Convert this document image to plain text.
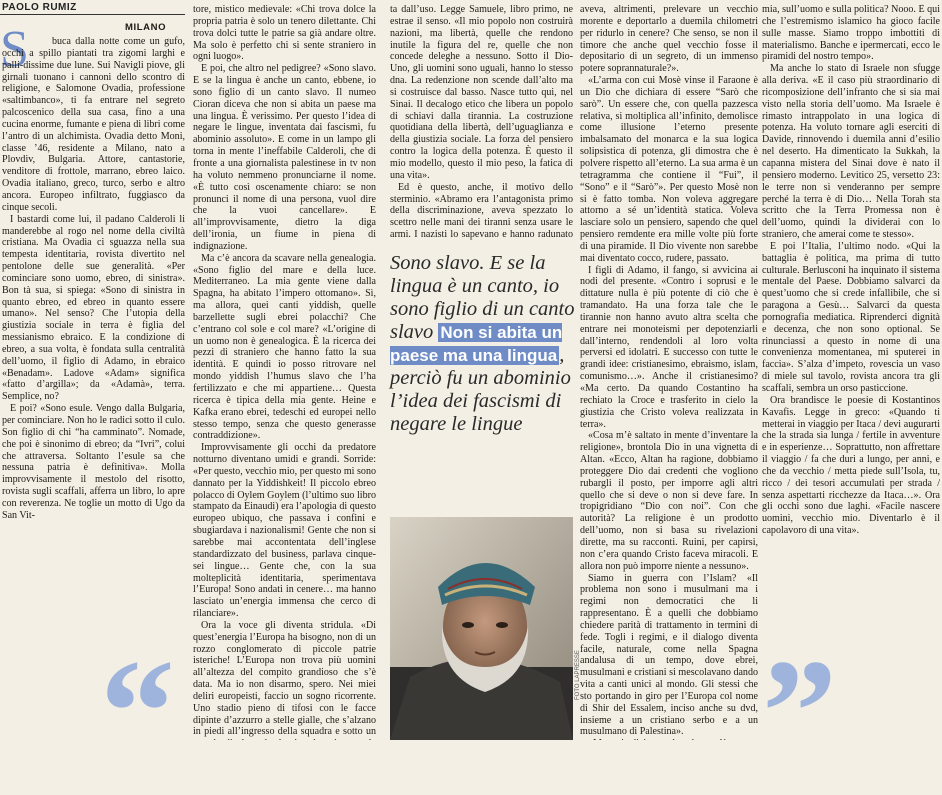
PAOLO RUMIZ
MILANO
S	buca dalla notte come un gufo, occhi a spillo piantati tra zigomi larghi e palli-dissime due lune. Sui Navigli piove, gli girnali tuonano i cannoni dello scontro di religione, e Salomone Ovadia, professione «saltimbanco», ti fa entrare nel segreto palcoscenico della sua casa, fino a una cucina enorme, fumante e piena di libri come l’antro di un alchimista. Ovadia detto Moni, classe ’46, residente a Milano, nato a Plovdiv, Bulgaria. Attore, cantastorie, venditore di frottole, marrano, ebreo laico. Ovadia italiano, greco, turco, serbo e altro ancora. Europeo infiltrato, fuggiasco da cinque secoli.

I bastardi come lui, il padano Calderoli li manderebbe al rogo nel nome della civiltà cristiana. Ma Ovadia ci sguazza nella sua tempesta identitaria, rovista divertito nel pentolone delle sue generalità. «Per cominciare sono uomo, ebreo, di sinistra». Bon tà sua, si spiega: «Sono di sinistra in quanto ebreo, ed ebreo in quanto essere umano». Nel senso? Che l’utopia della giustizia sociale in terra è figlia del messianismo ebraico. E la condizione di ebreo, a sua volta, è fondata sulla centralità dell’uomo, il figlio di Adamo, in ebraico «Benadam». Ladove «Adam» significa «fatto d’argilla»; da «Adamà», terra. Semplice, no?

E poi? «Sono esule. Vengo dalla Bulgaria, per cominciare. Non ho le radici sotto il culo. Son figlio di chi “ha camminato”. Nomade, che poi è sinonimo di ebreo; da “Ivri”, colui che attraversa. Soltanto l’esule sa che nessuna patria è definitiva». Molla improvvisamente il mestolo del risotto, rovista sugli scaffali, afferra un libro, lo apre con reverenza. Ne toglie un motto di Ugo da San Vit-

“	”

tore, mistico medievale: «Chi trova dolce la propria patria è solo un tenero dilettante. Chi trova dolci tutte le patrie sa già andare oltre. Ma solo è perfetto chi si sente straniero in ogni luogo».

E poi, che altro nel pedigree? «Sono slavo. E se la lingua è anche un canto, ebbene, io sono figlio di un canto slavo. Il numeo Cioran diceva che non si abita un paese ma una lingua. È verissimo. Per questo l’idea di negare le lingue, inventata dai fascismi, fu abominio assoluto». E come in un lampo gli torna in mente l’ineffabile Calderoli, che di fronte a una giornalista palestinese in tv non ha voluto nemmeno pronunciarne il nome. «È tutto così oscenamente chiaro: se non pronunci il nome di una persona, vuol dire che la vuoi cancellare». E all’improvvisamente, dietro la diga dell’ironia, un fiume in piena di indignazione.

Ma c’è ancora da scavare nella genealogia. «Sono figlio del mare e della luce. Mediterraneo. La mia gente viene dalla Spagna, ha abitato l’impero ottomano». Sì, ma allora, quei canti yiddish, quelle barzellette sugli ebrei polacchi? Che c’entrano col sole e col mare? «L’origine di un uomo non è genealogica. È la ricerca dei pezzi di straniero che hanno fatto la sua identità. E quindi io posso ritrovare nel mondo yiddish l’humus slavo che l’ha fertilizzato e che mi appartiene… Questa ricerca è tipica della mia gente. Heine e Kafka erano ebrei, tedeschi ed europei nello stesso tempo, senza che questo generasse contraddizione».

Improvvisamente gli occhi da predatore notturno diventano umidi e grandi. Sorride: «Per questo, vecchio mio, per questo mi sono dannato per la Yiddishkeit! Il piccolo ebreo polacco di Oylem Goylem (l’ultimo suo libro stampato da Einaudi) era l’apologia di questo europeo ubiquo, che passava i confini e sbugiardava i nazionalismi! Gente che non si sarebbe mai accontentata dell’inglese standardizzato del business, parlava cinque-sei lingue… Gente che, con la sua molteplicità identitaria, sperimentava l’Europa! Sono andati in cenere… ma hanno lasciato un’energia immensa che cerco di rilanciare».

Ora la voce gli diventa stridula. «Di quest’energia l’Europa ha bisogno, non di un rozzo conglomerato di piccole patrie isteriche! L’Europa non trova più uomini all’altezza del compito grandioso che s’è data. Ma io non disarmo, spero. Nei miei deliri europeisti, faccio un sogno ricorrente. Uno stadio pieno di tifosi con le facce dipinte d’azzurro a stelle gialle, che s’alzano in piedi all’ingresso della squadra e sotto un

ta dall’uso. Legge Samuele, libro primo, ne estrae il senso. «Il mio popolo non costruirà nazioni, ma libertà, quelle che rendono inutile la figura del re, quelle che non concede deleghe a nessuno. Sotto il Dio-Uno, gli uomini sono uguali, hanno lo stesso dna. La redenzione non scende dall’alto ma si costruisce dal basso. Nasce tutto qui, nel Sinai. Il decalogo etico che libera un popolo di schiavi dalla tirannia. La costruzione quotidiana della libertà, dell’uguaglianza e della giustizia sociale. La forza del pensiero contro la logica della potenza. È questo il mio modello, questo il mio peso, la fatica di una vita».

Ed è questo, anche, il motivo dello sterminio. «Abramo era l’antagonista primo della discriminazione, aveva spezzato lo scettro nelle mani dei tiranni senza usare le armi. I nazisti lo sapevano e hanno radunato

Sono slavo. E se la lingua è un canto, io sono figlio di un canto slavo Non si abita un paese ma una lingua, perciò fu un abominio l’idea dei fascismi di negare le lingue
FOTO LAPRESSE

aveva, altrimenti, prelevare un vecchio morente e deportarlo a duemila chilometri per ridurlo in cenere? Che senso, se non il timore che anche quel vecchio fosse il depositario di un segreto, di un immenso potere soprannaturale?».

«L’arma con cui Mosè vinse il Faraone è un Dio che dichiara di essere “Sarò che sarò”. Un essere che, con quella pazzesca relativa, si moltiplica all’infinito, demolisce come illusione l’eterno presente imbalsamato del monarca e la sua logica solipsistica di potenza, gli dimostra che è polvere rispetto all’eterno. La sua arma è un tetragramma che contiene il “Fui”, il “Sono” e il “Sarò”». Per questo Mosè non si è fatto tomba. Non voleva aggregare attorno a sé un’identità statica. Voleva lasciare solo un pensiero, sapendo che quel pensiero remdente era mille volte più forte di una piramide. Il Dio vivente non sarebbe mai diventato cocco, rudere, passato.

I figli di Adamo, il fango, si avvicina ai nodi del presente. «Contro i soprusi e le dittature nulla è più potente di ciò che è tramandato. Ha una forza tale che le tirannie non hanno avuto altra scelta che entrare nei monoteismi per depotenziarli dall’interno, rendendoli al loro volta perversi ed idolatri. E successo con tutte le grandi idee: cristianesimo, ebraismo, islam, comunismo…». Anche il cristianesimo? «Ma certo. Da quando Costantino ha rechiato la Croce e trasferito in cielo la giustizia che Cristo voleva realizzata in terra».

«Cosa m’è saltato in mente d’inventare la religione», brontola Dio in una vignetta di Altan. «Ecco, Altan ha ragione, dobbiamo proteggere Dio dai credenti che vogliono rubargli il posto, per imporre agli altri quello che si deve o non si deve fare. In tropigridiano “Dio con noi”. Con che autorità? La religione è un prodotto dell’uomo, non si basa su rivelazioni dirette, ma su racconti. Ruini, per capirsi, non c’era quando Cristo faceva miracoli. E allora non può imporre niente a nessuno».

Siamo in guerra con l’Islam? «Il problema non sono i musulmani ma i regimi non democratici che li rappresentano. È a quelli che dobbiamo chiedere parità di trattamento in termini di fede. Togli i regimi, e il dialogo diventa facile, naturale, come nella Spagna andalusa di un tempo, dove ebrei, musulmani e cristiani si mescolavano dando vita a canti unici al mondo. Gli stessi che sto portando in giro per l’Europa col nome di Shir del Essalem, inciso anche su dvd, insieme a un cristiano serbo e a un musulmano di Palestina».

mia, sull’uomo e sulla politica? Nooo. È qui che l’estremismo islamico ha gioco facile sulle masse. Siamo troppo imbottiti di materialismo. Banche e ipermercati, ecco le piramidi del nostro tempo».

Ma anche lo stato di Israele non sfugge alla deriva. «E il caso più straordinario di ricomposizione dell’infranto che si sia mai visto nella storia dell’uomo. Ma Israele è rimasto intrappolato in una logica di potenza. Ha voluto tornare agli eserciti di Davide, rinnovendo i duemila anni d’esilio nel deserto. Ha dimenticato la Sukkah, la capanna mistera del Sinai dove è nato il pensiero moderno. Levitico 25, versetto 23: le terre non si venderanno per sempre perché la terra è di Dio… Nella Torah sta scritto che la Terra Promessa non è dell’uomo, quindi la dividerai con lo straniero, che amerai come te stesso».

E poi l’Italia, l’ultimo nodo. «Qui la battaglia è politica, ma prima di tutto culturale. Berlusconi ha inquinato il sistema mentale del Paese. Dobbiamo salvarci da quest’uomo che si crede infallibile, che si paragona a Gesù… Salvarci da questa pornografia mediatica. Riprenderci dignità e decenza, che non sono optional. Se rinunciassi a questo in nome di una convenienza momentanea, mi sputerei in faccia». S’alza d’impeto, rovescia un vaso di miele sul tavolo, rovista ancora tra gli scaffali, sembra un orso pasticcione.

Ora brandisce le poesie di Kostantinos Kavafis. Legge in greco: «Quando ti metterai in viaggio per Itaca / devi augurarti che la strada sia lunga / fertile in avventure e in esperienze… Soprattutto, non affrettare il viaggio / fa che duri a lungo, per anni, e che da vecchio / metta piede sull’Isola, tu, ricco / dei tesori accumulati per strada / senza aspettarti ricchezze da Itaca…». Ora gli occhi sono due laghi. «Facile nascere uomini, vecchio mio. Diventarlo è il capolavoro di una vita».
